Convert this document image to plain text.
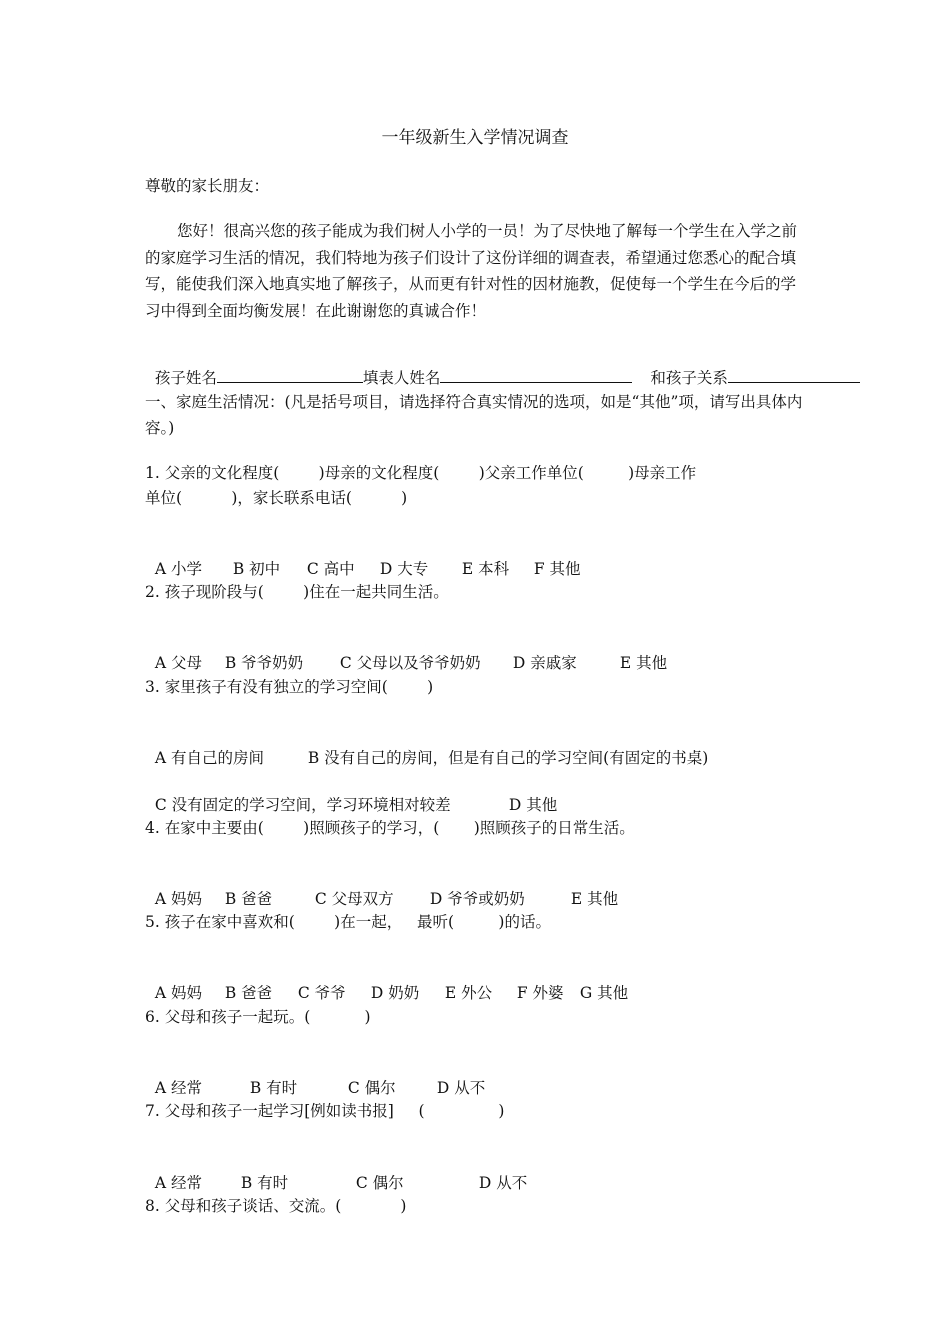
一年级新生入学情况调查

尊敬的家长朋友：

您好！很高兴您的孩子能成为我们树人小学的一员！为了尽快地了解每一个学生在入学之前的家庭学习生活的情况，我们特地为孩子们设计了这份详细的调查表，希望通过您悉心的配合填写，能使我们深入地真实地了解孩子，从而更有针对性的因材施教，促使每一个学生在今后的学习中得到全面均衡发展！在此谢谢您的真诚合作！

孩子姓名	填表人姓名	和孩子关系

一、家庭生活情况：(凡是括号项目，请选择符合真实情况的选项，如是“其他”项，请写出具体内容。)

1. 父亲的文化程度(        )母亲的文化程度(        )父亲工作单位(         )母亲工作

单位(          )，家长联系电话(          )

A 小学 B 初中 C 高中 D 大专 E 本科 F 其他

2. 孩子现阶段与(        )住在一起共同生活。

A 父母 B 爷爷奶奶 C 父母以及爷爷奶奶 D 亲戚家	E 其他

3. 家里孩子有没有独立的学习空间(        )

A 有自己的房间	B 没有自己的房间，但是有自己的学习空间(有固定的书桌)

C 没有固定的学习空间，学习环境相对较差	D 其他

4. 在家中主要由(        )照顾孩子的学习，(       )照顾孩子的日常生活。

A 妈妈 B 爸爸	C 父母双方 D 爷爷或奶奶	E 其他

5. 孩子在家中喜欢和(        )在一起，   最听(         )的话。

A 妈妈 B 爸爸 C 爷爷 D 奶奶 E 外公 F 外婆 G 其他

6. 父母和孩子一起玩。(           )

A 经常	B 有时	C 偶尔	D 从不

7. 父母和孩子一起学习[例如读书报]     (               )

A 经常	B 有时	C 偶尔	D 从不

8. 父母和孩子谈话、交流。(            )
